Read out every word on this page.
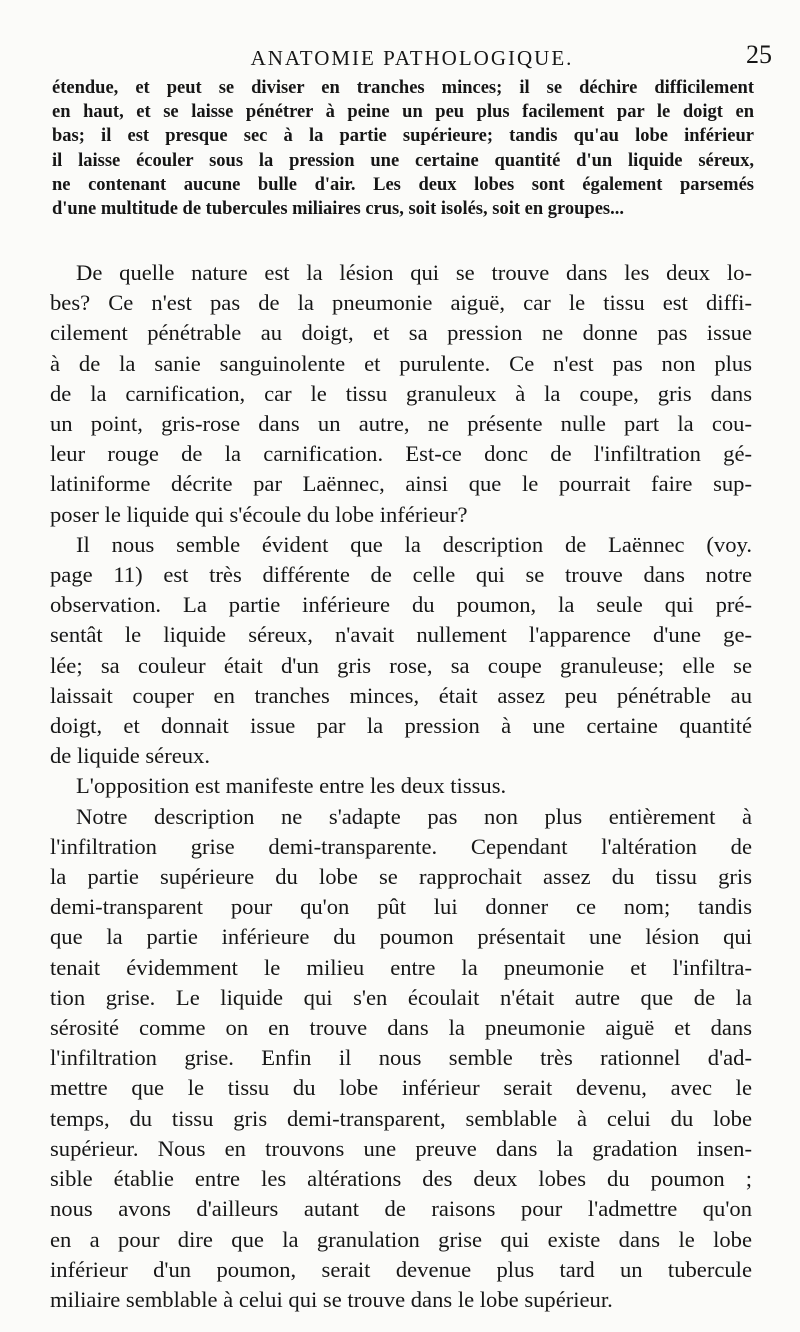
ANATOMIE PATHOLOGIQUE.	25
étendue, et peut se diviser en tranches minces; il se déchire difficilement
en haut, et se laisse pénétrer à peine un peu plus facilement par le doigt en
bas; il est presque sec à la partie supérieure; tandis qu'au lobe inférieur
il laisse écouler sous la pression une certaine quantité d'un liquide séreux,
ne contenant aucune bulle d'air. Les deux lobes sont également parsemés
d'une multitude de tubercules miliaires crus, soit isolés, soit en groupes...
De quelle nature est la lésion qui se trouve dans les deux lo-
bes? Ce n'est pas de la pneumonie aiguë, car le tissu est diffi-
cilement pénétrable au doigt, et sa pression ne donne pas issue
à de la sanie sanguinolente et purulente. Ce n'est pas non plus
de la carnification, car le tissu granuleux à la coupe, gris dans
un point, gris-rose dans un autre, ne présente nulle part la cou-
leur rouge de la carnification. Est-ce donc de l'infiltration gé-
latiniforme décrite par Laënnec, ainsi que le pourrait faire sup-
poser le liquide qui s'écoule du lobe inférieur?
Il nous semble évident que la description de Laënnec (voy.
page 11) est très différente de celle qui se trouve dans notre
observation. La partie inférieure du poumon, la seule qui pré-
sentât le liquide séreux, n'avait nullement l'apparence d'une ge-
lée; sa couleur était d'un gris rose, sa coupe granuleuse; elle se
laissait couper en tranches minces, était assez peu pénétrable au
doigt, et donnait issue par la pression à une certaine quantité
de liquide séreux.
L'opposition est manifeste entre les deux tissus.
Notre description ne s'adapte pas non plus entièrement à
l'infiltration grise demi-transparente. Cependant l'altération de
la partie supérieure du lobe se rapprochait assez du tissu gris
demi-transparent pour qu'on pût lui donner ce nom; tandis
que la partie inférieure du poumon présentait une lésion qui
tenait évidemment le milieu entre la pneumonie et l'infiltra-
tion grise. Le liquide qui s'en écoulait n'était autre que de la
sérosité comme on en trouve dans la pneumonie aiguë et dans
l'infiltration grise. Enfin il nous semble très rationnel d'ad-
mettre que le tissu du lobe inférieur serait devenu, avec le
temps, du tissu gris demi-transparent, semblable à celui du lobe
supérieur. Nous en trouvons une preuve dans la gradation insen-
sible établie entre les altérations des deux lobes du poumon ;
nous avons d'ailleurs autant de raisons pour l'admettre qu'on
en a pour dire que la granulation grise qui existe dans le lobe
inférieur d'un poumon, serait devenue plus tard un tubercule
miliaire semblable à celui qui se trouve dans le lobe supérieur.
